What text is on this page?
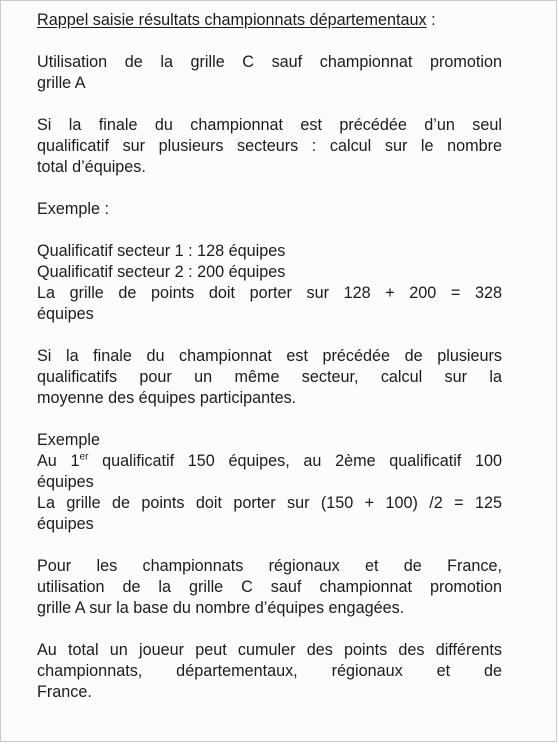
Rappel saisie résultats championnats départementaux :

Utilisation de la grille C sauf championnat promotion
grille A

Si la finale du championnat est précédée d’un seul
qualificatif sur plusieurs secteurs : calcul sur le nombre
total d’équipes.

Exemple :

Qualificatif secteur 1 : 128 équipes
Qualificatif secteur 2 : 200 équipes
La grille de points doit porter sur 128 + 200 = 328
équipes

Si la finale du championnat est précédée de plusieurs
qualificatifs pour un même secteur, calcul sur la
moyenne des équipes participantes.

Exemple
Au 1er qualificatif 150 équipes, au 2ème qualificatif 100
équipes
La grille de points doit porter sur (150 + 100) /2 = 125
équipes

Pour les championnats régionaux et de France,
utilisation de la grille C sauf championnat promotion
grille A sur la base du nombre d’équipes engagées.

Au total un joueur peut cumuler des points des différents
championnats, départementaux, régionaux et de
France.
